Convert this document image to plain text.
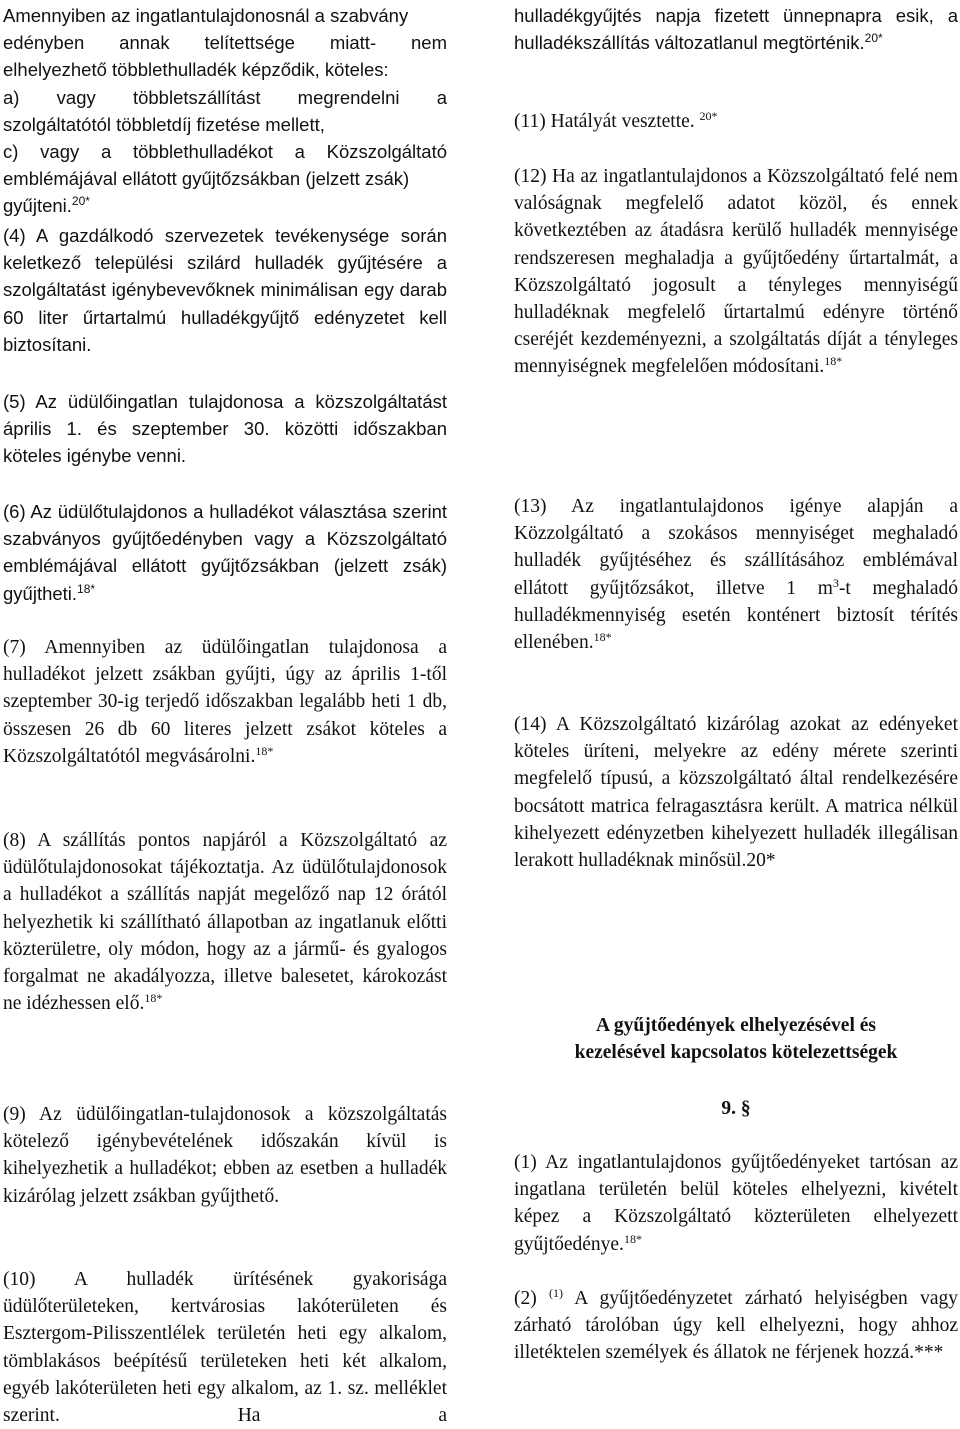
Amennyiben az ingatlantulajdonosnál a szabvány

edényben annak telítettsége miatt- nem

elhelyezhető többlethulladék képződik, köteles:

a) vagy többletszállítást megrendelni a

szolgáltatótól többletdíj fizetése mellett,

c) vagy a többlethulladékot a Közszolgáltató

emblémájával ellátott gyűjtőzsákban (jelzett zsák)

gyűjteni.$^{20*}$

(4) A gazdálkodó szervezetek tevékenysége során keletkező települési szilárd hulladék gyűjtésére a szolgáltatást igénybevevőknek minimálisan egy darab 60 liter űrtartalmú hulladékgyűjtő edényzetet kell biztosítani.

(5) Az üdülőingatlan tulajdonosa a közszolgáltatást április 1. és szeptember 30. közötti időszakban köteles igénybe venni.

(6) Az üdülőtulajdonos a hulladékot választása szerint szabványos gyűjtőedényben vagy a Közszolgáltató emblémájával ellátott gyűjtőzsákban (jelzett zsák) gyűjtheti.$^{18*}$

(7) Amennyiben az üdülőingatlan tulajdonosa a hulladékot jelzett zsákban gyűjti, úgy az április 1-től szeptember 30-ig terjedő időszakban legalább heti 1 db, összesen 26 db 60 literes jelzett zsákot köteles a Közszolgáltatótól megvásárolni.$^{18*}$

(8) A szállítás pontos napjáról a Közszolgáltató az üdülőtulajdonosokat tájékoztatja. Az üdülőtulajdonosok a hulladékot a szállítás napját megelőző nap 12 órától helyezhetik ki szállítható állapotban az ingatlanuk előtti közterületre, oly módon, hogy az a jármű- és gyalogos forgalmat ne akadályozza, illetve balesetet, károkozást ne idézhessen elő.$^{18*}$

(9) Az üdülőingatlan-tulajdonosok a közszolgáltatás kötelező igénybevételének időszakán kívül is kihelyezhetik a hulladékot; ebben az esetben a hulladék kizárólag jelzett zsákban gyűjthető.

(10) A hulladék ürítésének gyakorisága üdülőterületeken, kertvárosias lakóterületen és Esztergom-Pilisszentlélek területén heti egy alkalom, tömblakásos beépítésű területeken heti két alkalom, egyéb lakóterületen heti egy alkalom, az 1. sz. melléklet szerint. Ha a

hulladékgyűjtés napja fizetett ünnepnapra esik, a hulladékszállítás változatlanul megtörténik.$^{20*}$

(11) Hatályát vesztette. $^{20*}$

(12) Ha az ingatlantulajdonos a Közszolgáltató felé nem valóságnak megfelelő adatot közöl, és ennek következtében az átadásra kerülő hulladék mennyisége rendszeresen meghaladja a gyűjtőedény űrtartalmát, a Közszolgáltató jogosult a tényleges mennyiségű hulladéknak megfelelő űrtartalmú edényre történő cseréjét kezdeményezni, a szolgáltatás díját a tényleges mennyiségnek megfelelően módosítani.$^{18*}$

(13) Az ingatlantulajdonos igénye alapján a Közzolgáltató a szokásos mennyiséget meghaladó hulladék gyűjtéséhez és szállításához emblémával ellátott gyűjtőzsákot, illetve 1 $m^3-t$ meghaladó hulladékmennyiség esetén konténert biztosít térítés ellenében.$^{18*}$

(14) A Közszolgáltató kizárólag azokat az edényeket köteles üríteni, melyekre az edény mérete szerinti megfelelő típusú, a közszolgáltató által rendelkezésére bocsátott matrica felragasztásra került. A matrica nélkül kihelyezett edényzetben kihelyezett hulladék illegálisan lerakott hulladéknak minősül.20*

A gyűjtőedények elhelyezésével és
kezelésével kapcsolatos kötelezettségek

9. §

(1) Az ingatlantulajdonos gyűjtőedényeket tartósan az ingatlana területén belül köteles elhelyezni, kivételt képez a Közszolgáltató közterületen elhelyezett gyűjtőedénye.$^{18*}$

(2) $^{(1)}$ A gyűjtőedényzetet zárható helyiségben vagy zárható tárolóban úgy kell elhelyezni, hogy ahhoz illetéktelen személyek és állatok ne férjenek hozzá.***
